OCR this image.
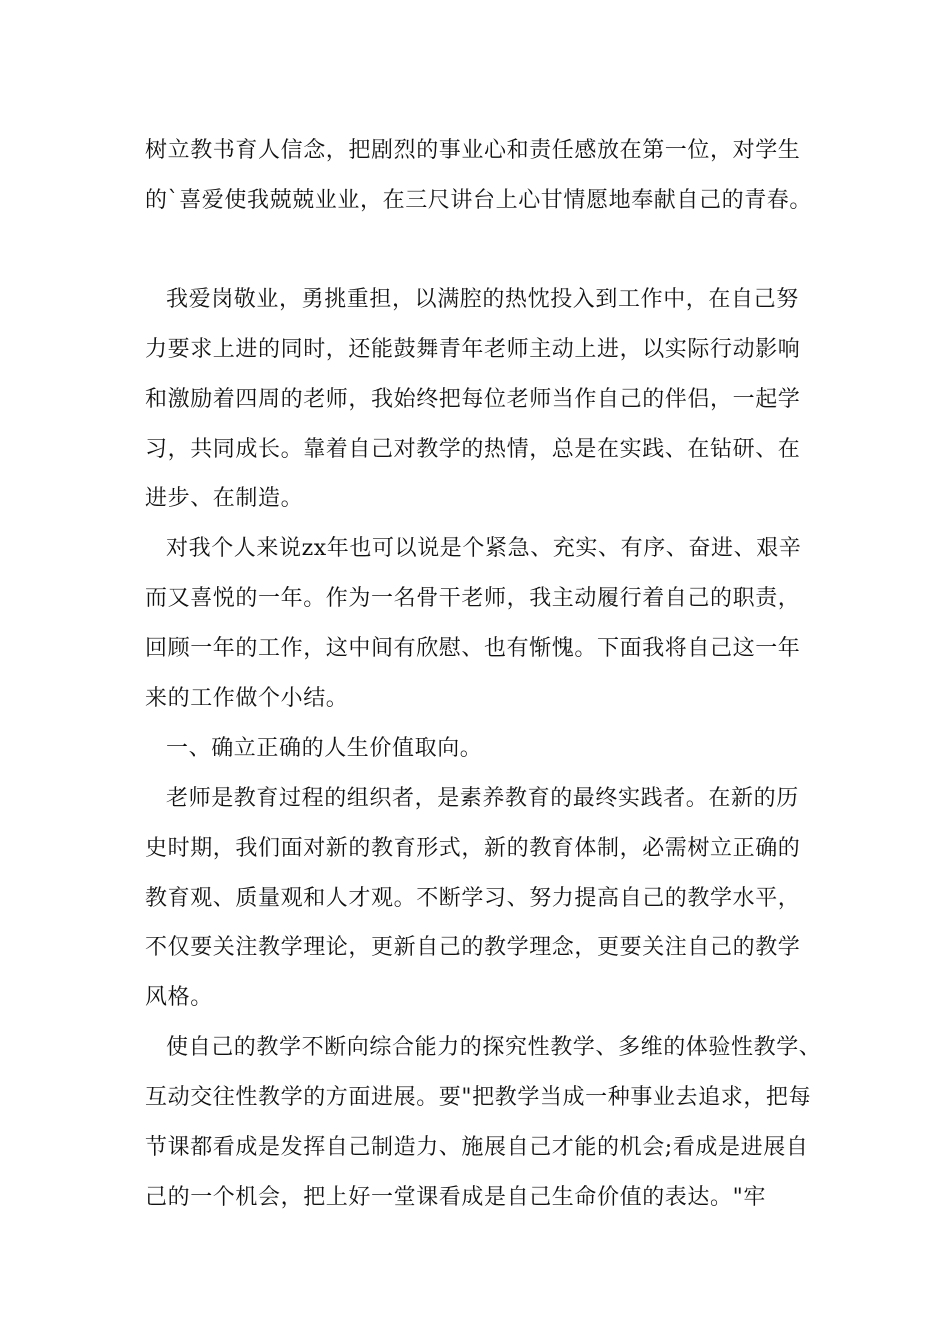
树立教书育人信念，把剧烈的事业心和责任感放在第一位，对学生
的`喜爱使我兢兢业业，在三尺讲台上心甘情愿地奉献自己的青春。
我爱岗敬业，勇挑重担，以满腔的热忱投入到工作中，在自己努
力要求上进的同时，还能鼓舞青年老师主动上进，以实际行动影响
和激励着四周的老师，我始终把每位老师当作自己的伴侣，一起学
习，共同成长。靠着自己对教学的热情，总是在实践、在钻研、在
进步、在制造。
对我个人来说zx年也可以说是个紧急、充实、有序、奋进、艰辛
而又喜悦的一年。作为一名骨干老师，我主动履行着自己的职责，
回顾一年的工作，这中间有欣慰、也有惭愧。下面我将自己这一年
来的工作做个小结。
一、确立正确的人生价值取向。
老师是教育过程的组织者，是素养教育的最终实践者。在新的历
史时期，我们面对新的教育形式，新的教育体制，必需树立正确的
教育观、质量观和人才观。不断学习、努力提高自己的教学水平，
不仅要关注教学理论，更新自己的教学理念，更要关注自己的教学
风格。
使自己的教学不断向综合能力的探究性教学、多维的体验性教学、
互动交往性教学的方面进展。要"把教学当成一种事业去追求，把每
节课都看成是发挥自己制造力、施展自己才能的机会;看成是进展自
己的一个机会，把上好一堂课看成是自己生命价值的表达。"牢
